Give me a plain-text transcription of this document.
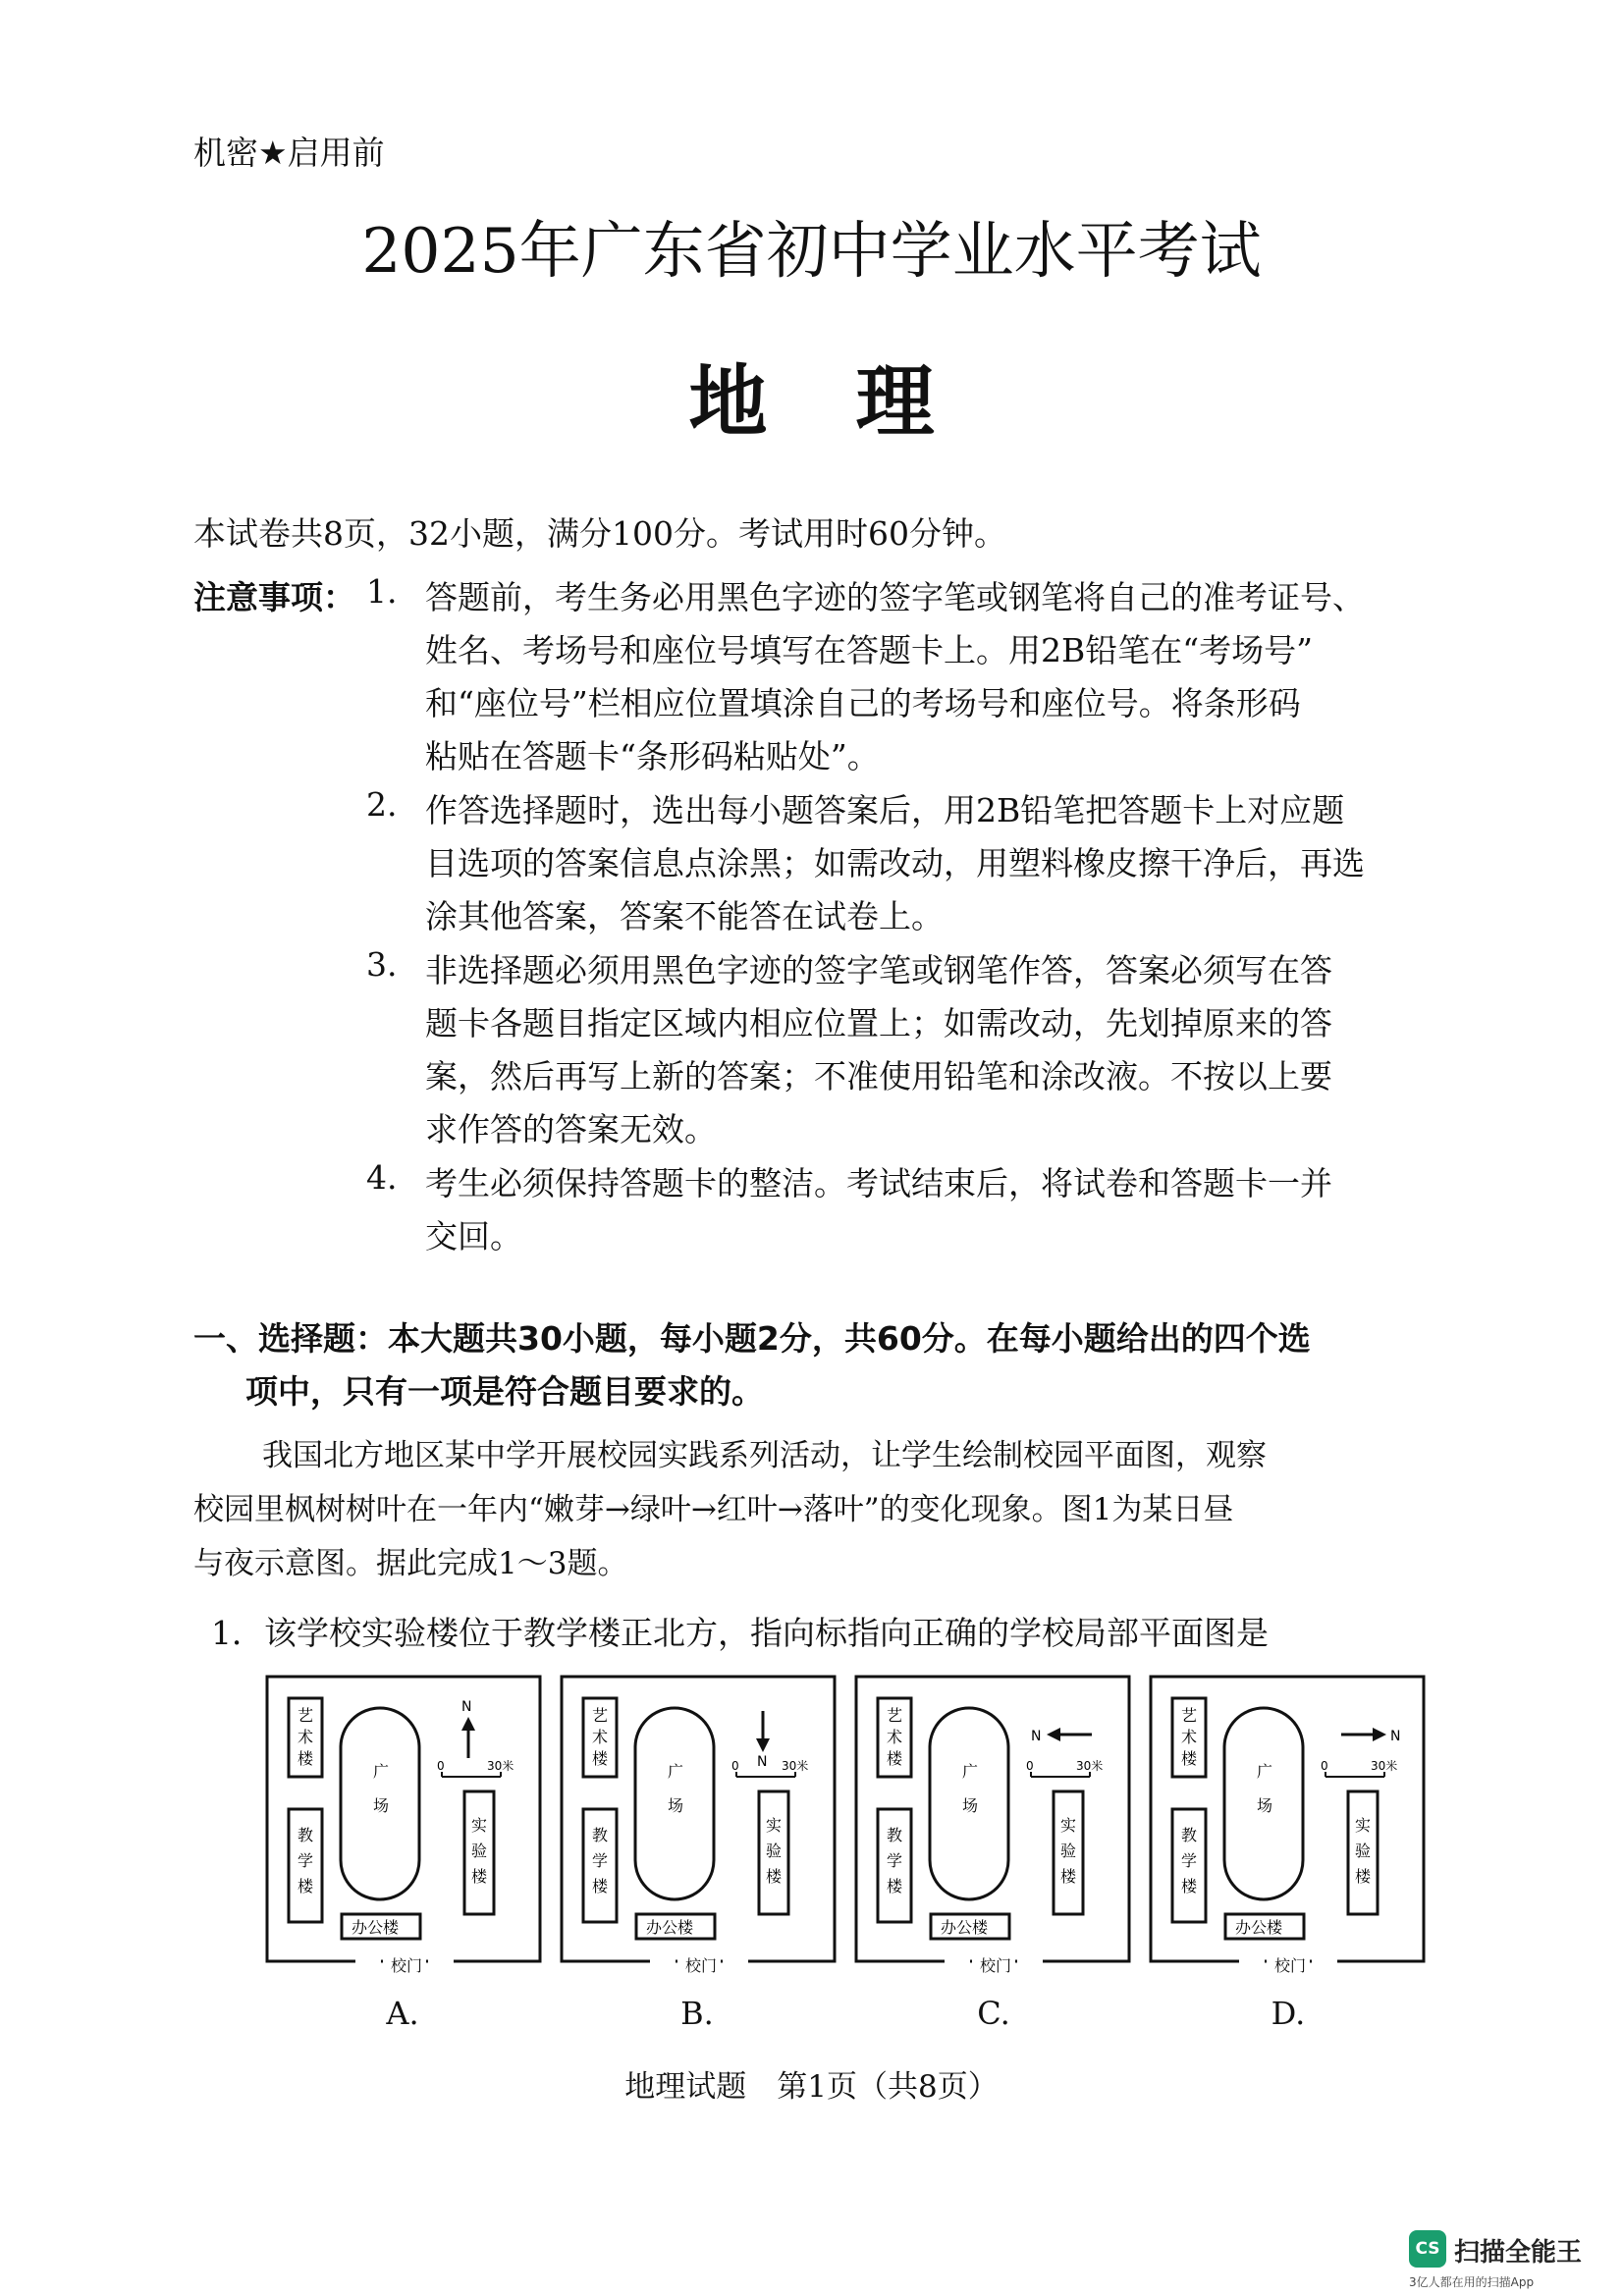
机密★启用前
2025年广东省初中学业水平考试
地理
本试卷共8页，32小题，满分100分。考试用时60分钟。
注意事项： 1. 答题前，考生务必用黑色字迹的签字笔或钢笔将自己的准考证号、
姓名、考场号和座位号填写在答题卡上。用2B铅笔在“考场号”
和“座位号”栏相应位置填涂自己的考场号和座位号。将条形码
粘贴在答题卡“条形码粘贴处”。
2. 作答选择题时，选出每小题答案后，用2B铅笔把答题卡上对应题
目选项的答案信息点涂黑；如需改动，用塑料橡皮擦干净后，再选
涂其他答案，答案不能答在试卷上。
3. 非选择题必须用黑色字迹的签字笔或钢笔作答，答案必须写在答
题卡各题目指定区域内相应位置上；如需改动，先划掉原来的答
案，然后再写上新的答案；不准使用铅笔和涂改液。不按以上要
求作答的答案无效。
4. 考生必须保持答题卡的整洁。考试结束后，将试卷和答题卡一并
交回。
一、选择题：本大题共30小题，每小题2分，共60分。在每小题给出的四个选
项中，只有一项是符合题目要求的。
我国北方地区某中学开展校园实践系列活动，让学生绘制校园平面图，观察
校园里枫树树叶在一年内“嫩芽→绿叶→红叶→落叶”的变化现象。图1为某日昼
与夜示意图。据此完成1～3题。
1．该学校实验楼位于教学楼正北方，指向标指向正确的学校局部平面图是
校门
艺
术
楼
教
学
楼
广
场
实
验
楼
办公楼
0	30米
N
校门
艺
术
楼
教
学
楼
广
场
实
验
楼
办公楼
0	30米
N
校门
艺
术
楼
教
学
楼
广
场
实
验
楼
办公楼
0	30米
N
校门
艺
术
楼
教
学
楼
广
场
实
验
楼
办公楼
0	30米
N
A.	B.	C.	D.
地理试题　第1页（共8页）
CS 扫描全能王
3亿人都在用的扫描App
